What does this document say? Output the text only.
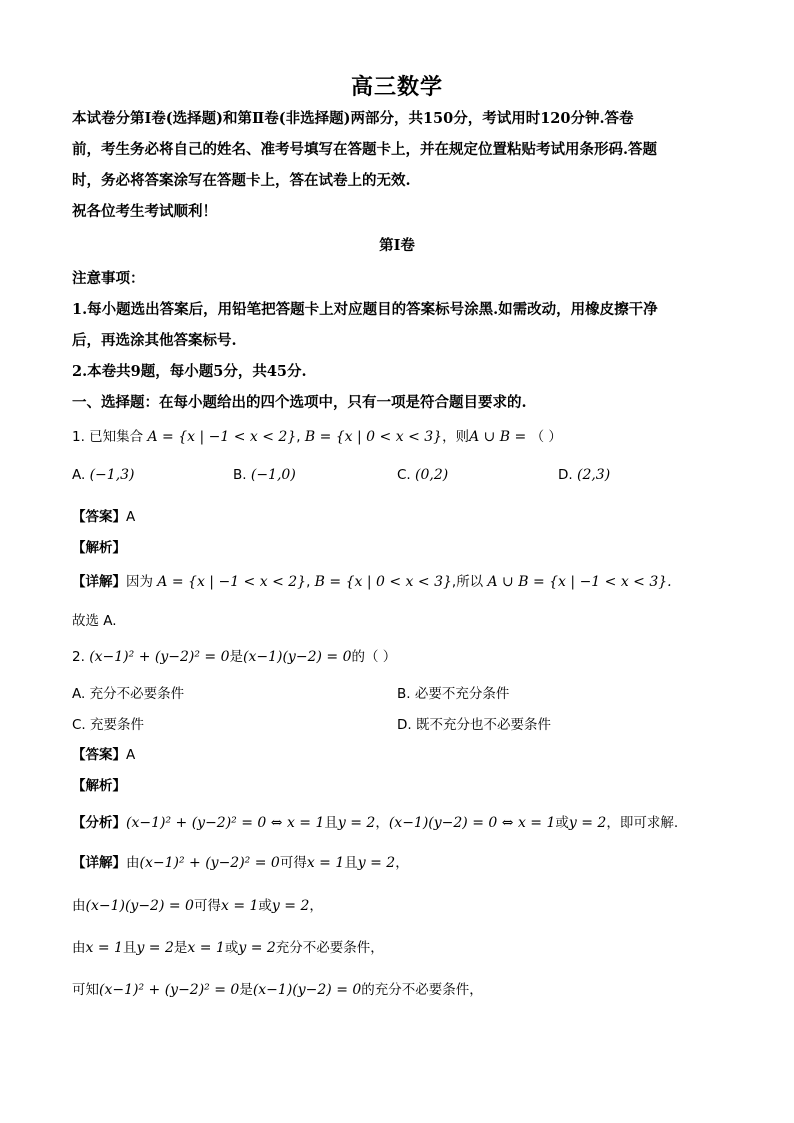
高三数学
本试卷分第Ⅰ卷(选择题)和第Ⅱ卷(非选择题)两部分，共150分，考试用时120分钟.答卷
前，考生务必将自己的姓名、准考号填写在答题卡上，并在规定位置粘贴考试用条形码.答题
时，务必将答案涂写在答题卡上，答在试卷上的无效.
祝各位考生考试顺利！
第Ⅰ卷
注意事项：
1.每小题选出答案后，用铅笔把答题卡上对应题目的答案标号涂黑.如需改动，用橡皮擦干净
后，再选涂其他答案标号.
2.本卷共9题，每小题5分，共45分.
一、选择题：在每小题给出的四个选项中，只有一项是符合题目要求的.
1. 已知集合 A = {x | −1 < x < 2}, B = {x | 0 < x < 3}，则A ∪ B = （ ）
A. (−1,3)	B. (−1,0)	C. (0,2)	D. (2,3)
【答案】A
【解析】
【详解】因为 A = {x | −1 < x < 2}, B = {x | 0 < x < 3},所以 A ∪ B = {x | −1 < x < 3}.
故选 A.
2. (x−1)² + (y−2)² = 0是(x−1)(y−2) = 0的（ ）
A. 充分不必要条件	B. 必要不充分条件
C. 充要条件	D. 既不充分也不必要条件
【答案】A
【解析】
【分析】(x−1)² + (y−2)² = 0 ⇔ x = 1且y = 2，(x−1)(y−2) = 0 ⇔ x = 1或y = 2，即可求解.
【详解】由(x−1)² + (y−2)² = 0可得x = 1且y = 2，
由(x−1)(y−2) = 0可得x = 1或y = 2，
由x = 1且y = 2是x = 1或y = 2充分不必要条件，
可知(x−1)² + (y−2)² = 0是(x−1)(y−2) = 0的充分不必要条件，
